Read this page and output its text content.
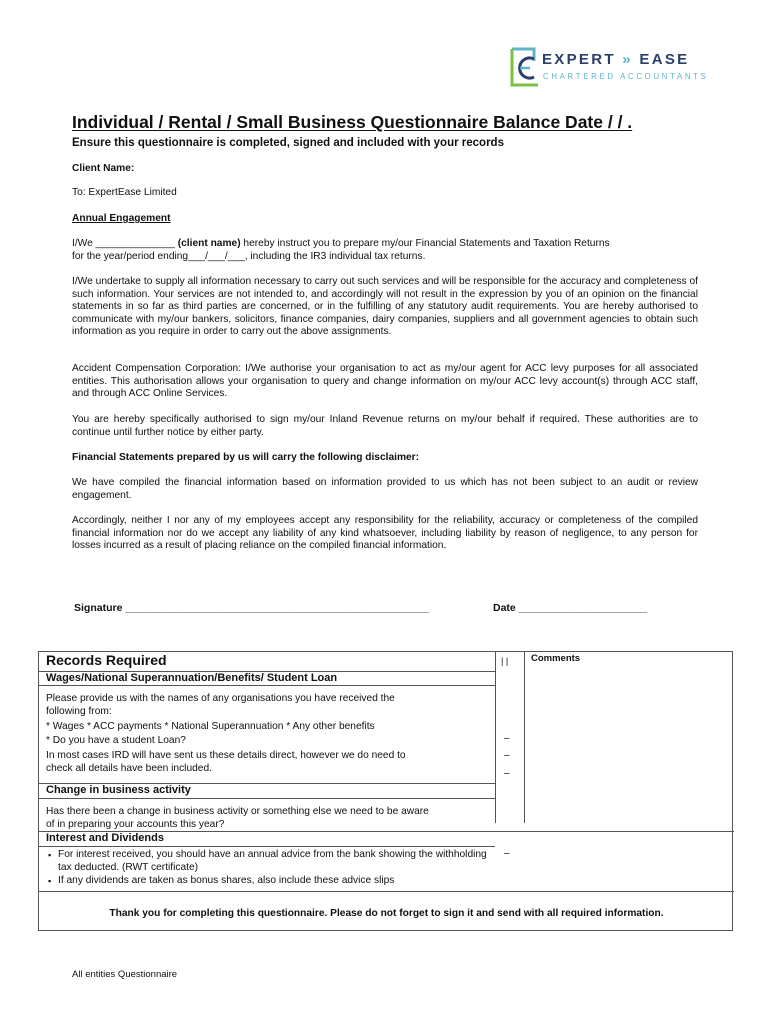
EXPERT » EASE
CHARTERED ACCOUNTANTS
Individual / Rental / Small Business Questionnaire Balance Date / / .
Ensure this questionnaire is completed, signed and included with your records

Client Name:

To: ExpertEase Limited

Annual Engagement

I/We ______________ (client name) hereby instruct you to prepare my/our Financial Statements and Taxation Returns
for the year/period ending___/___/___, including the IR3 individual tax returns.

I/We undertake to supply all information necessary to carry out such services and will be responsible for the accuracy and completeness of such information. Your services are not intended to, and accordingly will not result in the expression by you of an opinion on the financial statements in so far as third parties are concerned, or in the fulfilling of any statutory audit requirements. You are hereby authorised to communicate with my/our bankers, solicitors, finance companies, dairy companies, suppliers and all government agencies to obtain such information as you require in order to carry out the above assignments.

Accident Compensation Corporation: I/We authorise your organisation to act as my/our agent for ACC levy purposes for all associated entities. This authorisation allows your organisation to query and change information on my/our ACC levy account(s) through ACC staff, and through ACC Online Services.

You are hereby specifically authorised to sign my/our Inland Revenue returns on my/our behalf if required. These authorities are to continue until further notice by either party.

Financial Statements prepared by us will carry the following disclaimer:

We have compiled the financial information based on information provided to us which has not been subject to an audit or review engagement.

Accordingly, neither I nor any of my employees accept any responsibility for the reliability, accuracy or completeness of the compiled financial information nor do we accept any liability of any kind whatsoever, including liability by reason of negligence, to any person for losses incurred as a result of placing reliance on the compiled financial information.

Signature ____________________________________________________	Date ______________________
Records Required	| | Comments
Wages/National Superannuation/Benefits/ Student Loan
Please provide us with the names of any organisations you have received the
following from:
* Wages * ACC payments * National Superannuation * Any other benefits
* Do you have a student Loan?
In most cases IRD will have sent us these details direct, however we do need to
check all details have been included.
–
–
–
Change in business activity
Has there been a change in business activity or something else we need to be aware
of in preparing your accounts this year?
Interest and Dividends
▪ For interest received, you should have an annual advice from the bank showing the withholding tax deducted. (RWT certificate)
▪ If any dividends are taken as bonus shares, also include these advice slips
–
Thank you for completing this questionnaire. Please do not forget to sign it and send with all required information.
All entities Questionnaire
